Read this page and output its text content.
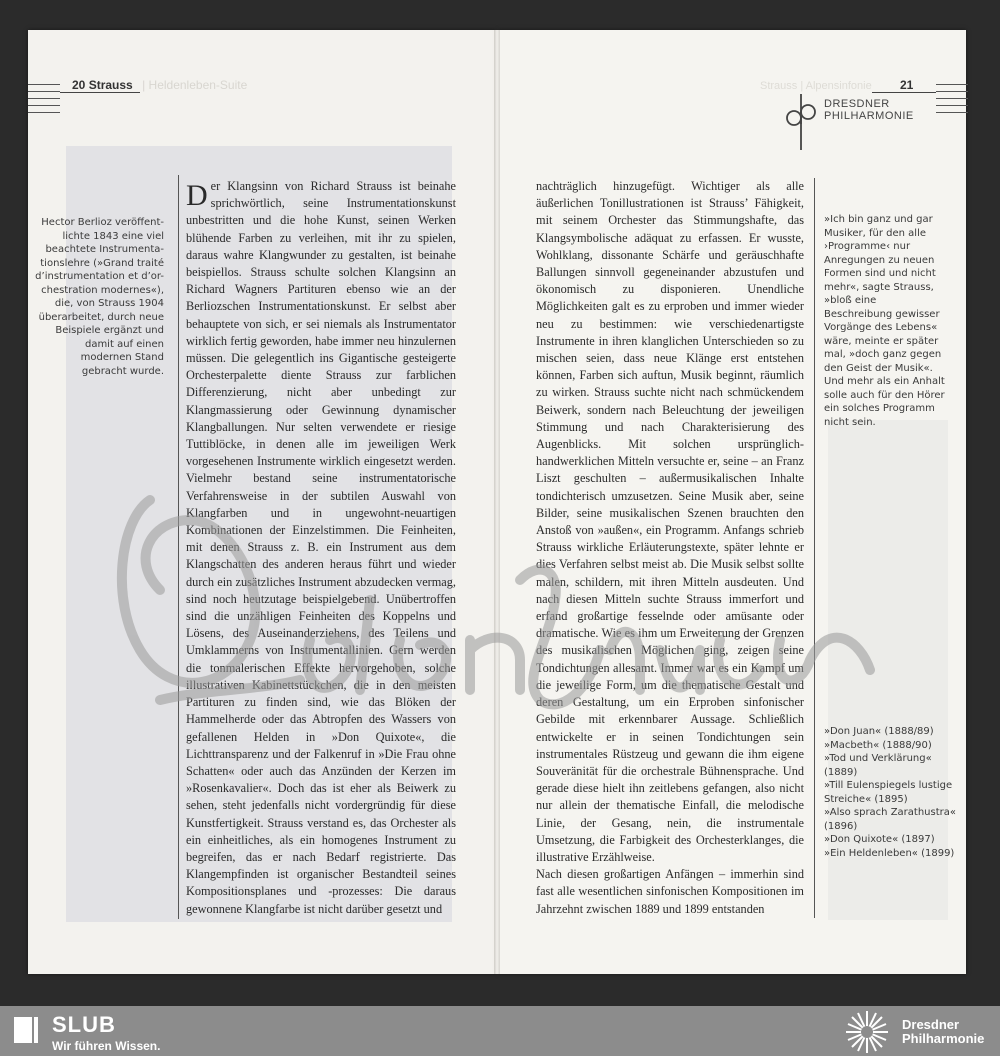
20 Strauss | Heldenleben-Suite	Strauss | Alpensinfonie 21
DRESDNER
PHILHARMONIE
Hector Berlioz veröffent-lichte 1843 eine viel beachtete Instrumenta-tionslehre (»Grand traité d’instrumentation et d’or-chestration modernes«), die, von Strauss 1904 überarbeitet, durch neue Beispiele ergänzt und damit auf einen modernen Stand gebracht wurde.
Der Klangsinn von Richard Strauss ist beinahe sprichwörtlich, seine Instrumentationskunst unbestritten und die hohe Kunst, seinen Werken blühende Farben zu verleihen, mit ihr zu spielen, daraus wahre Klangwunder zu gestalten, ist beinahe beispiellos. Strauss schulte solchen Klangsinn an Richard Wagners Partituren ebenso wie an der Berliozschen Instrumentationskunst. Er selbst aber behauptete von sich, er sei niemals als Instrumentator wirklich fertig geworden, habe immer neu hinzulernen müssen. Die gelegentlich ins Gigantische gesteigerte Orchesterpalette diente Strauss zur farblichen Differenzierung, nicht aber unbedingt zur Klangmassierung oder Gewinnung dynamischer Klangballungen. Nur selten verwendete er riesige Tuttiblöcke, in denen alle im jeweiligen Werk vorgesehenen Instrumente wirklich eingesetzt werden. Vielmehr bestand seine instrumentatorische Verfahrensweise in der subtilen Auswahl von Klangfarben und in ungewohnt-neuartigen Kombinationen der Einzelstimmen. Die Feinheiten, mit denen Strauss z. B. ein Instrument aus dem Klangschatten des anderen heraus führt und wieder durch ein zusätzliches Instrument abzudecken vermag, sind noch heutzutage beispielgebend. Unübertroffen sind die unzähligen Feinheiten des Koppelns und Lösens, des Auseinanderziehens, des Teilens und Umklammerns von Instrumentallinien. Gern werden die tonmalerischen Effekte hervorgehoben, solche illustrativen Kabinettstückchen, die in den meisten Partituren zu finden sind, wie das Blöken der Hammelherde oder das Abtropfen des Wassers von gefallenen Helden in »Don Quixote«, die Lichttransparenz und der Falkenruf in »Die Frau ohne Schatten« oder auch das Anzünden der Kerzen im »Rosenkavalier«. Doch das ist eher als Beiwerk zu sehen, steht jedenfalls nicht vordergründig für diese Kunstfertigkeit. Strauss verstand es, das Orchester als ein einheitliches, als ein homogenes Instrument zu begreifen, das er nach Bedarf registrierte. Das Klangempfinden ist organischer Bestandteil seines Kompositionsplanes und -prozesses: Die daraus gewonnene Klangfarbe ist nicht darüber gesetzt und
nachträglich hinzugefügt. Wichtiger als alle äußerlichen Tonillustrationen ist Strauss’ Fähigkeit, mit seinem Orchester das Stimmungshafte, das Klangsymbolische adäquat zu erfassen. Er wusste, Wohlklang, dissonante Schärfe und geräuschhafte Ballungen sinnvoll gegeneinander abzustufen und ökonomisch zu disponieren. Unendliche Möglichkeiten galt es zu erproben und immer wieder neu zu bestimmen: wie verschiedenartigste Instrumente in ihren klanglichen Unterschieden so zu mischen seien, dass neue Klänge erst entstehen können, Farben sich auftun, Musik beginnt, räumlich zu wirken. Strauss suchte nicht nach schmückendem Beiwerk, sondern nach Beleuchtung der jeweiligen Stimmung und nach Charakterisierung des Augenblicks. Mit solchen ursprünglich-handwerklichen Mitteln versuchte er, seine – an Franz Liszt geschulten – außermusikalischen Inhalte tondichterisch umzusetzen. Seine Musik aber, seine Bilder, seine musikalischen Szenen brauchten den Anstoß von »außen«, ein Programm. Anfangs schrieb Strauss wirkliche Erläuterungstexte, später lehnte er dies Verfahren selbst meist ab. Die Musik selbst sollte malen, schildern, mit ihren Mitteln ausdeuten. Und nach diesen Mitteln suchte Strauss immerfort und erfand großartige fesselnde oder amüsante oder dramatische. Wie es ihm um Erweiterung der Grenzen des musikalischen Möglichen ging, zeigen seine Tondichtungen allesamt. Immer war es ein Kampf um die jeweilige Form, um die thematische Gestalt und deren Gestaltung, um ein Erproben sinfonischer Gebilde mit erkennbarer Aussage. Schließlich entwickelte er in seinen Tondichtungen sein instrumentales Rüstzeug und gewann die ihm eigene Souveränität für die orchestrale Bühnensprache. Und gerade diese hielt ihn zeitlebens gefangen, also nicht nur allein der thematische Einfall, die melodische Linie, der Gesang, nein, die instrumentale Umsetzung, die Farbigkeit des Orchesterklanges, die illustrative Erzählweise.
Nach diesen großartigen Anfängen – immerhin sind fast alle wesentlichen sinfonischen Kompositionen im Jahrzehnt zwischen 1889 und 1899 entstanden
»Ich bin ganz und gar Musiker, für den alle ›Programme‹ nur Anregungen zu neuen Formen sind und nicht mehr«, sagte Strauss, »bloß eine Beschreibung gewisser Vorgänge des Lebens« wäre, meinte er später mal, »doch ganz gegen den Geist der Musik«. Und mehr als ein Anhalt solle auch für den Hörer ein solches Programm nicht sein.
»Don Juan« (1888/89)
»Macbeth« (1888/90)
»Tod und Verklärung«
(1889)
»Till Eulenspiegels lustige
Streiche« (1895)
»Also sprach Zarathustra«
(1896)
»Don Quixote« (1897)
»Ein Heldenleben« (1899)
SLUB
Wir führen Wissen.
Dresdner
Philharmonie
